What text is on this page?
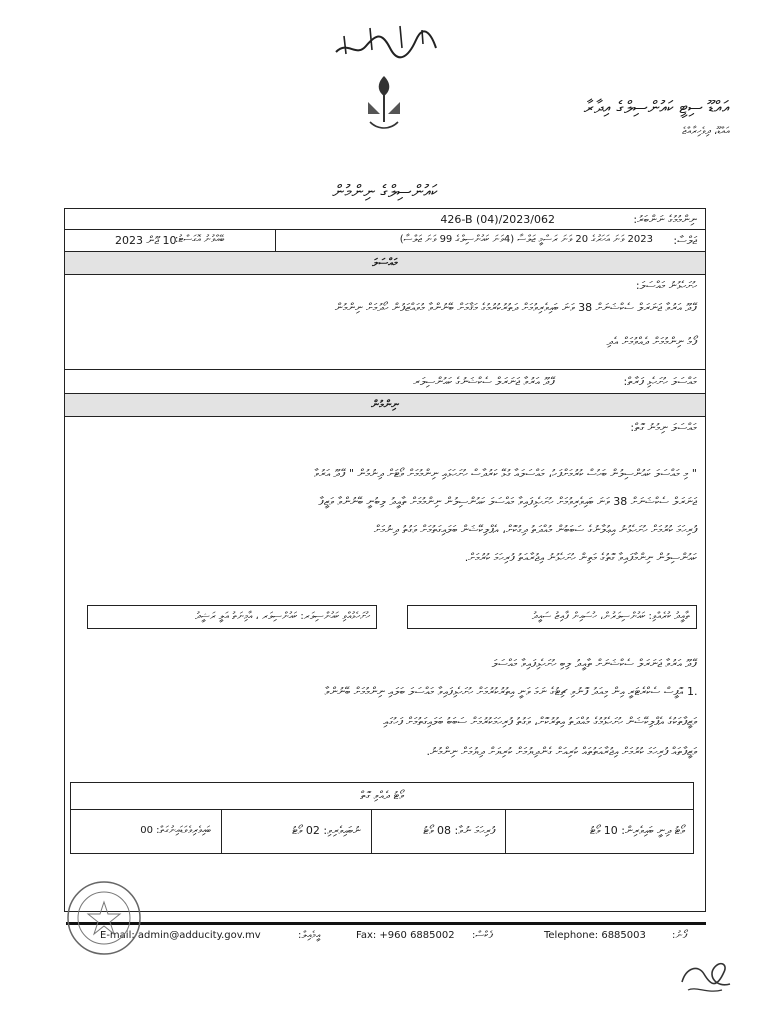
އައްޑޫ ސިޓީ ކައުންސިލްގެ އިދާރާ
އައްޑޫ، ދިވެހިރާއްޖެ
ކައުންސިލްގެ ނިންމުން
ނިންމުމުގެ ނަންބަރު:
426-B (04)/2023/062
ޖަލްސާ:
2023 ވަނަ އަހަރުގެ 20 ވަނަ ރަސްމީ ޖަލްސާ (4ވަނަ ކައުންސިލްގެ 99 ވަނަ ޖަލްސާ)
ބޭއްވުނު އޮގަސްޓު:
10 ޖޫން 2023
މައްސަލަ
ހުށަހެޅުނު މައްސަލަ:
ފޭދޫ އަރުވާ ޖަނަރަލް ސެކްޝަނަށް 38 ވަނަ ބައިވެރިވުމަށް ދަތުރުކުރުމުގެ މަޤާމަށް ބޭނުންވާ މުވައްޒަފުން ހޯދުމަށް ނިންމުން
ފޯމު ނިންމުމަށް ދެއްވުމަށް އެދި
މައްސަލަ ހުށަހެޅި ފަރާތް:
ފޭދޫ އަރުވާ ޖަނަރަލް ސެކްޝަނުގެ ކައުންސިލަރ
ނިންމުން
މައްސަލަ ނިމުނު ގޮތް:
" މި މައްސަލަ ކައުންސިލުން ބަހުސް ކުރުމަށްފަހު، މައްސަލައާ ގުޅޭ ކަރުދާސް ހުށަހަޅައި ނިންމުމަށް ވޯޓަށް ދިނުމުން " ފޭދޫ އަރުވާ
ޖަނަރަލް ސެކްޝަނަށް 38 ވަނަ ބައިވެރިވުމަށް ހުށަހެޅިފައިވާ މައްސަލަ ކައުންސިލުން ނިންމުމަށް ތާއީދު ލިބުނީ ބޭނުންވާ ވަޒީފާ
ފުރިހަމަ ކުރުމަށް ހުށަހެޅުނު އިޢުލާނުގެ ސަބަބުން މުއްދަތު ދިގުކޮށް، އެޕްލިކޭޝަން ބަލައިގަތުމަށް ވަގުތު ދިނުމަށް
ކައުންސިލުން ނިންމާފައިވާ ގޮތުގެ މަތިން ހުށަހެޅުނު އިޖުރާއަތު ފުރިހަމަ ކުރުމަށް.
ތާއީދު ކުރެއްވި: ކައުންސިލަރުން، ހުސައިން ފާއިޒު ސައީދު
ހުށަހެޅުއްވި ކައުންސިލަރ: ކައުންސިލަރ ، އާމިނަތު އަލީ ރަޝީދު
ފޭދޫ އަރުވާ ޖަނަރަލް ސެކްޝަނަށް ތާއީދު ލިބި ހުށަހެޅިފައިވާ މައްސަލަ
1.
އޮފީސް ސެކްރެޓަރީ އިން މިއަދު ފޮނުވި ޗިޓުގެ ނަމަ ވަނީ އިތުރުކުރުމަށް ހުށަހެޅިފައިވާ މައްސަލަ ބަލައި ނިންމުމަށް ބޭނުންވާ
ވަޒީފާތަކުގެ އެޕްލިކޭޝަން ހުށަހެޅުމުގެ މުއްދަތު އިތުރުކޮށް، ވަގުތު ފުރިހަމަކުރުމަށް ސަބަބު ބަލައިގަތުމަށް ފަހުގައި
ވަޒީފާތައް ފުރިހަމަ ކުރުމަށް އިޖުރާއަތުތައް ކުރިއަށް ގެންދިޔުމަށް ކުރިޔަށް ދިޔުމަށް ނިންމުނު.
ވޯޓު ދެއްވި ގޮތް
ވޯޓު ދިނީ ބައިވެރިން: 10 ވޯޓު
ފުރިހަމަ ނުވާ: 08 ވޯޓު
ނުބައިވެރިވި: 02 ވޯޓު
ބައިވެރިވެވަޑައިނުގަތް: 00
E-mail: admin@adducity.gov.mv	އީމެއިލް:	Fax: +960 6885002 ފެކްސް:	Telephone: 6885003	ފޯނު:
